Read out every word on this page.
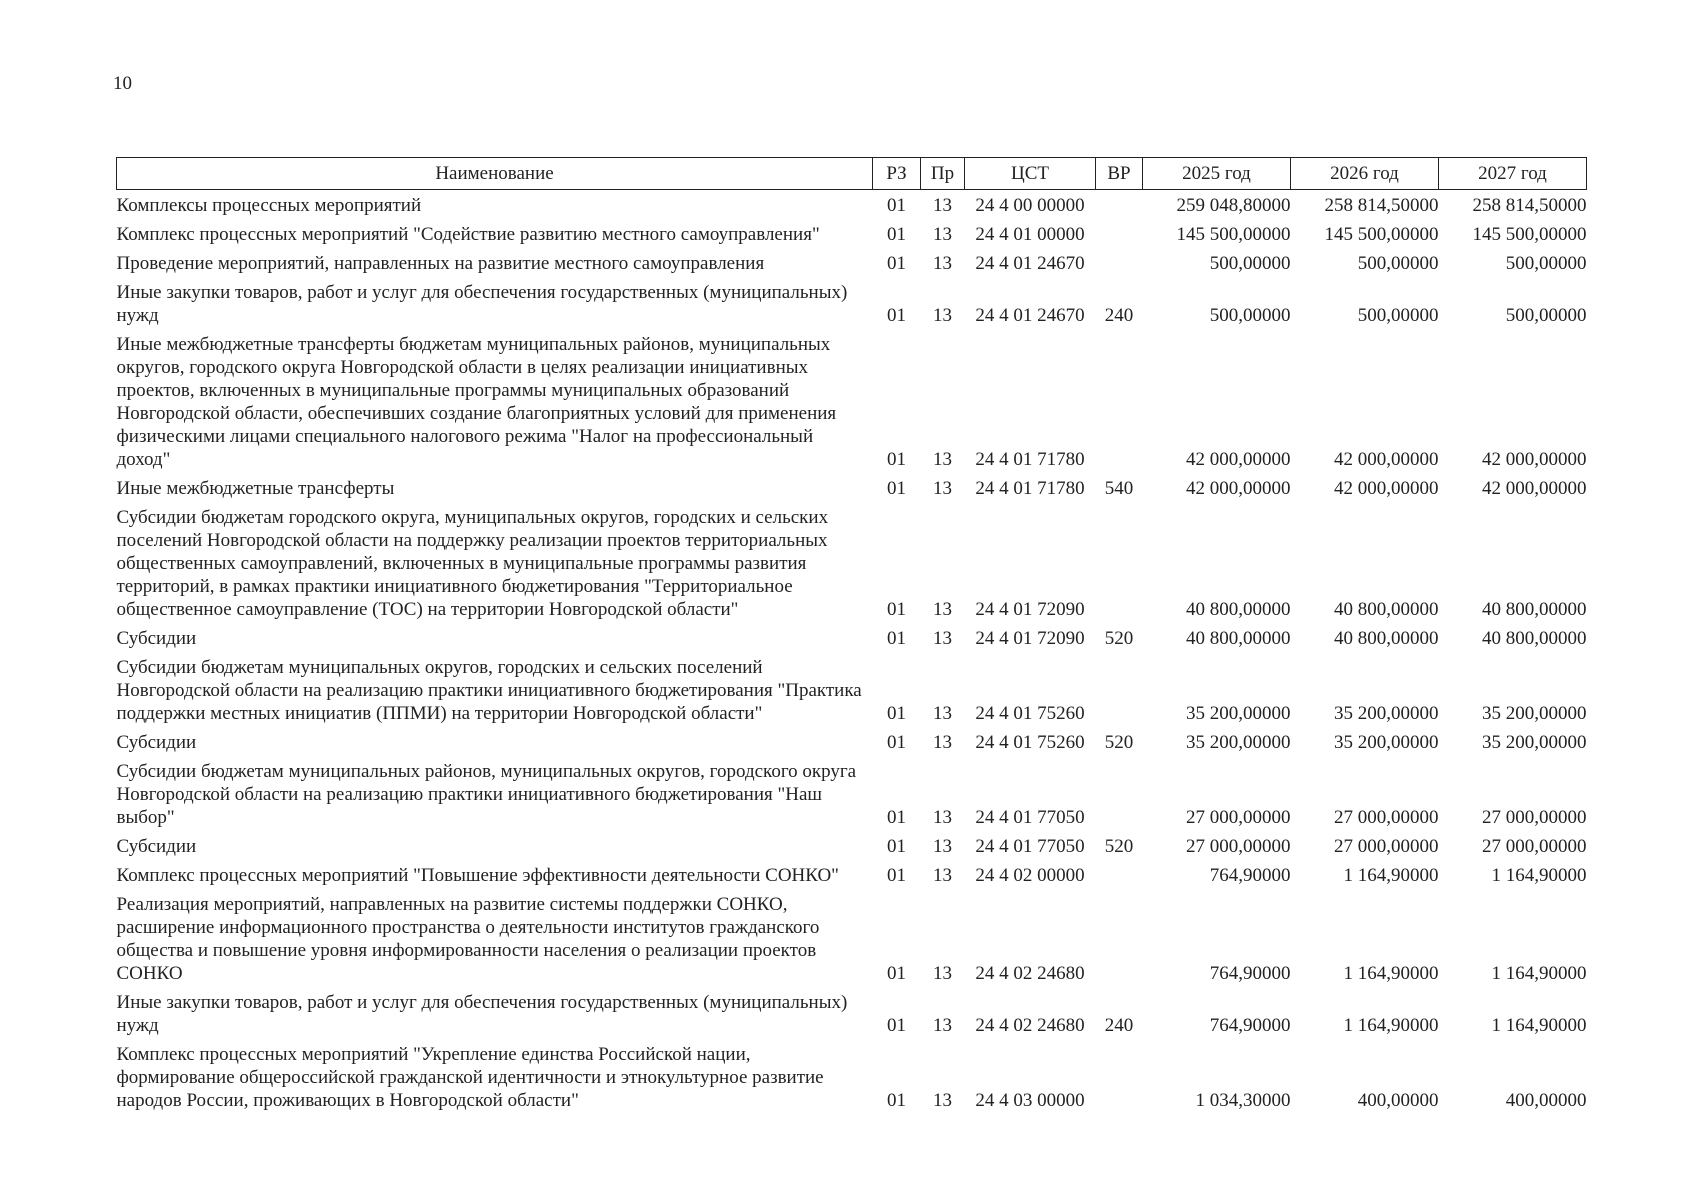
10
Наименование	РЗ	Пр	ЦСТ	ВР	2025 год	2026 год	2027 год
Комплексы процессных мероприятий	01	13	24 4 00 00000		259 048,80000	258 814,50000	258 814,50000
Комплекс процессных мероприятий "Содействие развитию местного самоуправления"	01	13	24 4 01 00000		145 500,00000	145 500,00000	145 500,00000
Проведение мероприятий, направленных на развитие местного самоуправления	01	13	24 4 01 24670		500,00000	500,00000	500,00000
Иные закупки товаров, работ и услуг для обеспечения государственных (муниципальных) нужд	01	13	24 4 01 24670	240	500,00000	500,00000	500,00000
Иные межбюджетные трансферты бюджетам муниципальных районов, муниципальных округов, городского округа Новгородской области в целях реализации инициативных проектов, включенных в муниципальные программы муниципальных образований Новгородской области, обеспечивших создание благоприятных условий для применения физическими лицами специального налогового режима "Налог на профессиональный доход"	01	13	24 4 01 71780		42 000,00000	42 000,00000	42 000,00000
Иные межбюджетные трансферты	01	13	24 4 01 71780	540	42 000,00000	42 000,00000	42 000,00000
Субсидии бюджетам городского округа, муниципальных округов, городских и сельских поселений Новгородской области на поддержку реализации проектов территориальных общественных самоуправлений, включенных в муниципальные программы развития территорий, в рамках практики инициативного бюджетирования "Территориальное общественное самоуправление (ТОС) на территории Новгородской области"	01	13	24 4 01 72090		40 800,00000	40 800,00000	40 800,00000
Субсидии	01	13	24 4 01 72090	520	40 800,00000	40 800,00000	40 800,00000
Субсидии бюджетам муниципальных округов, городских и сельских поселений Новгородской области на реализацию практики инициативного бюджетирования "Практика поддержки местных инициатив (ППМИ) на территории Новгородской области"	01	13	24 4 01 75260		35 200,00000	35 200,00000	35 200,00000
Субсидии	01	13	24 4 01 75260	520	35 200,00000	35 200,00000	35 200,00000
Субсидии бюджетам муниципальных районов, муниципальных округов, городского округа Новгородской области на реализацию практики инициативного бюджетирования "Наш выбор"	01	13	24 4 01 77050		27 000,00000	27 000,00000	27 000,00000
Субсидии	01	13	24 4 01 77050	520	27 000,00000	27 000,00000	27 000,00000
Комплекс процессных мероприятий "Повышение эффективности деятельности СОНКО"	01	13	24 4 02 00000		764,90000	1 164,90000	1 164,90000
Реализация мероприятий, направленных на развитие системы поддержки СОНКО, расширение информационного пространства о деятельности институтов гражданского общества и повышение уровня информированности населения о реализации проектов СОНКО	01	13	24 4 02 24680		764,90000	1 164,90000	1 164,90000
Иные закупки товаров, работ и услуг для обеспечения государственных (муниципальных) нужд	01	13	24 4 02 24680	240	764,90000	1 164,90000	1 164,90000
Комплекс процессных мероприятий "Укрепление единства Российской нации, формирование общероссийской гражданской идентичности и этнокультурное развитие народов России, проживающих в Новгородской области"	01	13	24 4 03 00000		1 034,30000	400,00000	400,00000
